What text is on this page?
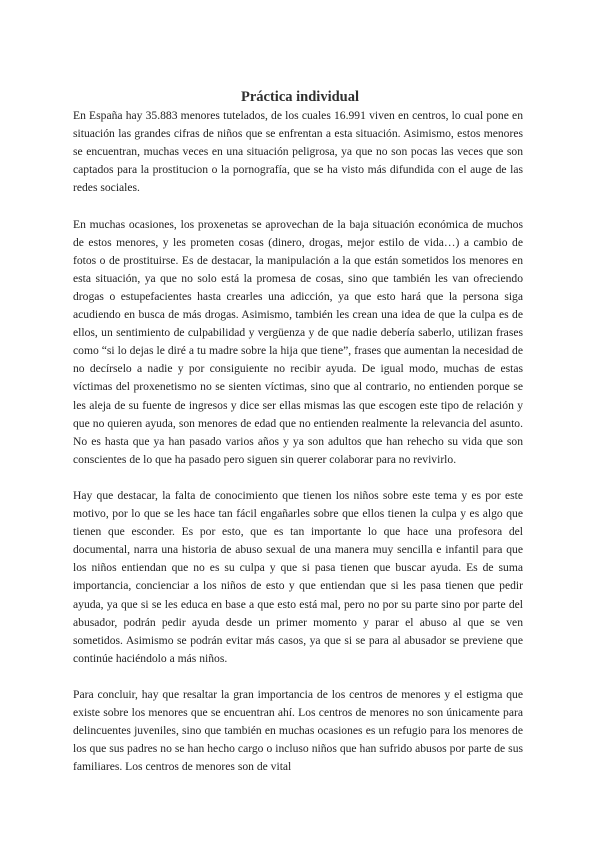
Práctica individual

En España hay 35.883 menores tutelados, de los cuales 16.991 viven en centros, lo cual pone en situación las grandes cifras de niños que se enfrentan a esta situación. Asimismo, estos menores se encuentran, muchas veces en una situación peligrosa, ya que no son pocas las veces que son captados para la prostitucion o la pornografía, que se ha visto más difundida con el auge de las redes sociales.

En muchas ocasiones, los proxenetas se aprovechan de la baja situación económica de muchos de estos menores, y les prometen cosas (dinero, drogas, mejor estilo de vida…) a cambio de fotos o de prostituirse. Es de destacar, la manipulación a la que están sometidos los menores en esta situación, ya que no solo está la promesa de cosas, sino que también les van ofreciendo drogas o estupefacientes hasta crearles una adicción, ya que esto hará que la persona siga acudiendo en busca de más drogas. Asimismo, también les crean una idea de que la culpa es de ellos, un sentimiento de culpabilidad y vergüenza y de que nadie debería saberlo, utilizan frases como “si lo dejas le diré a tu madre sobre la hija que tiene”, frases que aumentan la necesidad de no decírselo a nadie y por consiguiente no recibir ayuda. De igual modo, muchas de estas víctimas del proxenetismo no se sienten víctimas, sino que al contrario, no entienden porque se les aleja de su fuente de ingresos y dice ser ellas mismas las que escogen este tipo de relación y que no quieren ayuda, son menores de edad que no entienden realmente la relevancia del asunto. No es hasta que ya han pasado varios años y ya son adultos que han rehecho su vida que son conscientes de lo que ha pasado pero siguen sin querer colaborar para no revivirlo.

Hay que destacar, la falta de conocimiento que tienen los niños sobre este tema y es por este motivo, por lo que se les hace tan fácil engañarles sobre que ellos tienen la culpa y es algo que tienen que esconder. Es por esto, que es tan importante lo que hace una profesora del documental, narra una historia de abuso sexual de una manera muy sencilla e infantil para que los niños entiendan que no es su culpa y que si pasa tienen que buscar ayuda. Es de suma importancia, concienciar a los niños de esto y que entiendan que si les pasa tienen que pedir ayuda, ya que si se les educa en base a que esto está mal, pero no por su parte sino por parte del abusador, podrán pedir ayuda desde un primer momento y parar el abuso al que se ven sometidos. Asimismo se podrán evitar más casos, ya que si se para al abusador se previene que continúe haciéndolo a más niños.

Para concluir, hay que resaltar la gran importancia de los centros de menores y el estigma que existe sobre los menores que se encuentran ahí. Los centros de menores no son únicamente para delincuentes juveniles, sino que también en muchas ocasiones es un refugio para los menores de los que sus padres no se han hecho cargo o incluso niños que han sufrido abusos por parte de sus familiares. Los centros de menores son de vital
